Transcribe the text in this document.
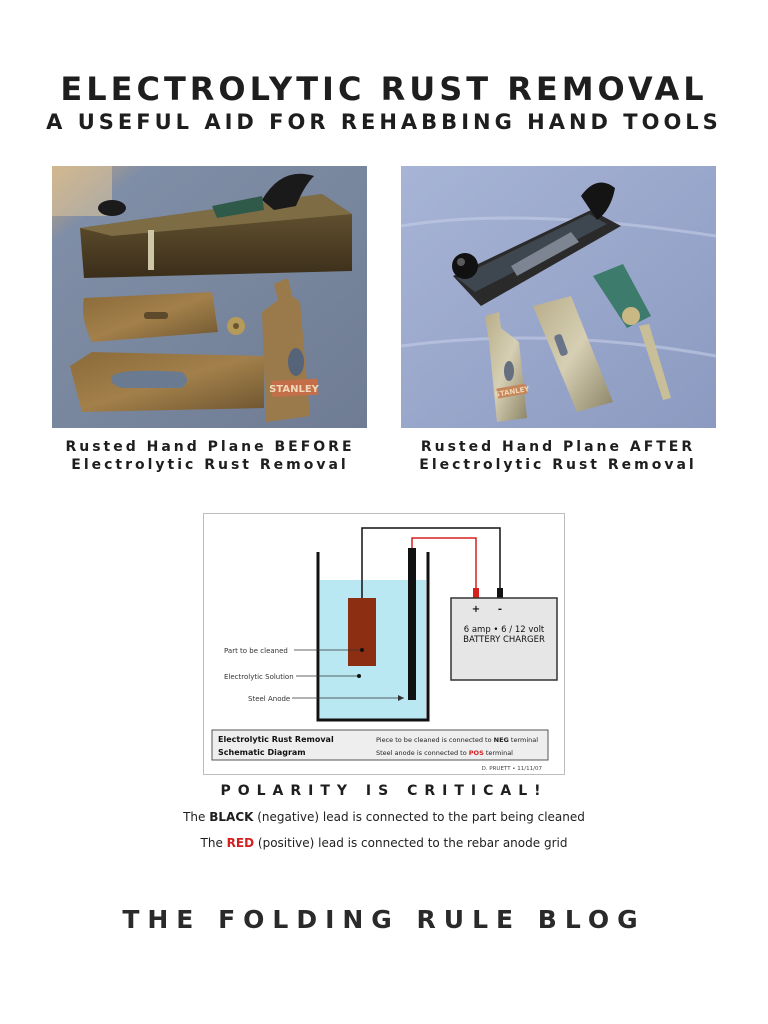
ELECTROLYTIC RUST REMOVAL
A USEFUL AID FOR REHABBING HAND TOOLS
STANLEY	STANLEY
Rusted Hand Plane BEFORE
Electrolytic Rust Removal
Rusted Hand Plane AFTER
Electrolytic Rust Removal
+ -
6 amp • 6 / 12 volt
BATTERY CHARGER
Part to be cleaned
Electrolytic Solution
Steel Anode
Electrolytic Rust Removal
Schematic Diagram
Piece to be cleaned is connected to NEG terminal
Steel anode is connected to POS terminal
D. PRUETT • 11/11/07
POLARITY IS CRITICAL!
The BLACK (negative) lead is connected to the part being cleaned
The RED (positive) lead is connected to the rebar anode grid
THE FOLDING RULE BLOG
